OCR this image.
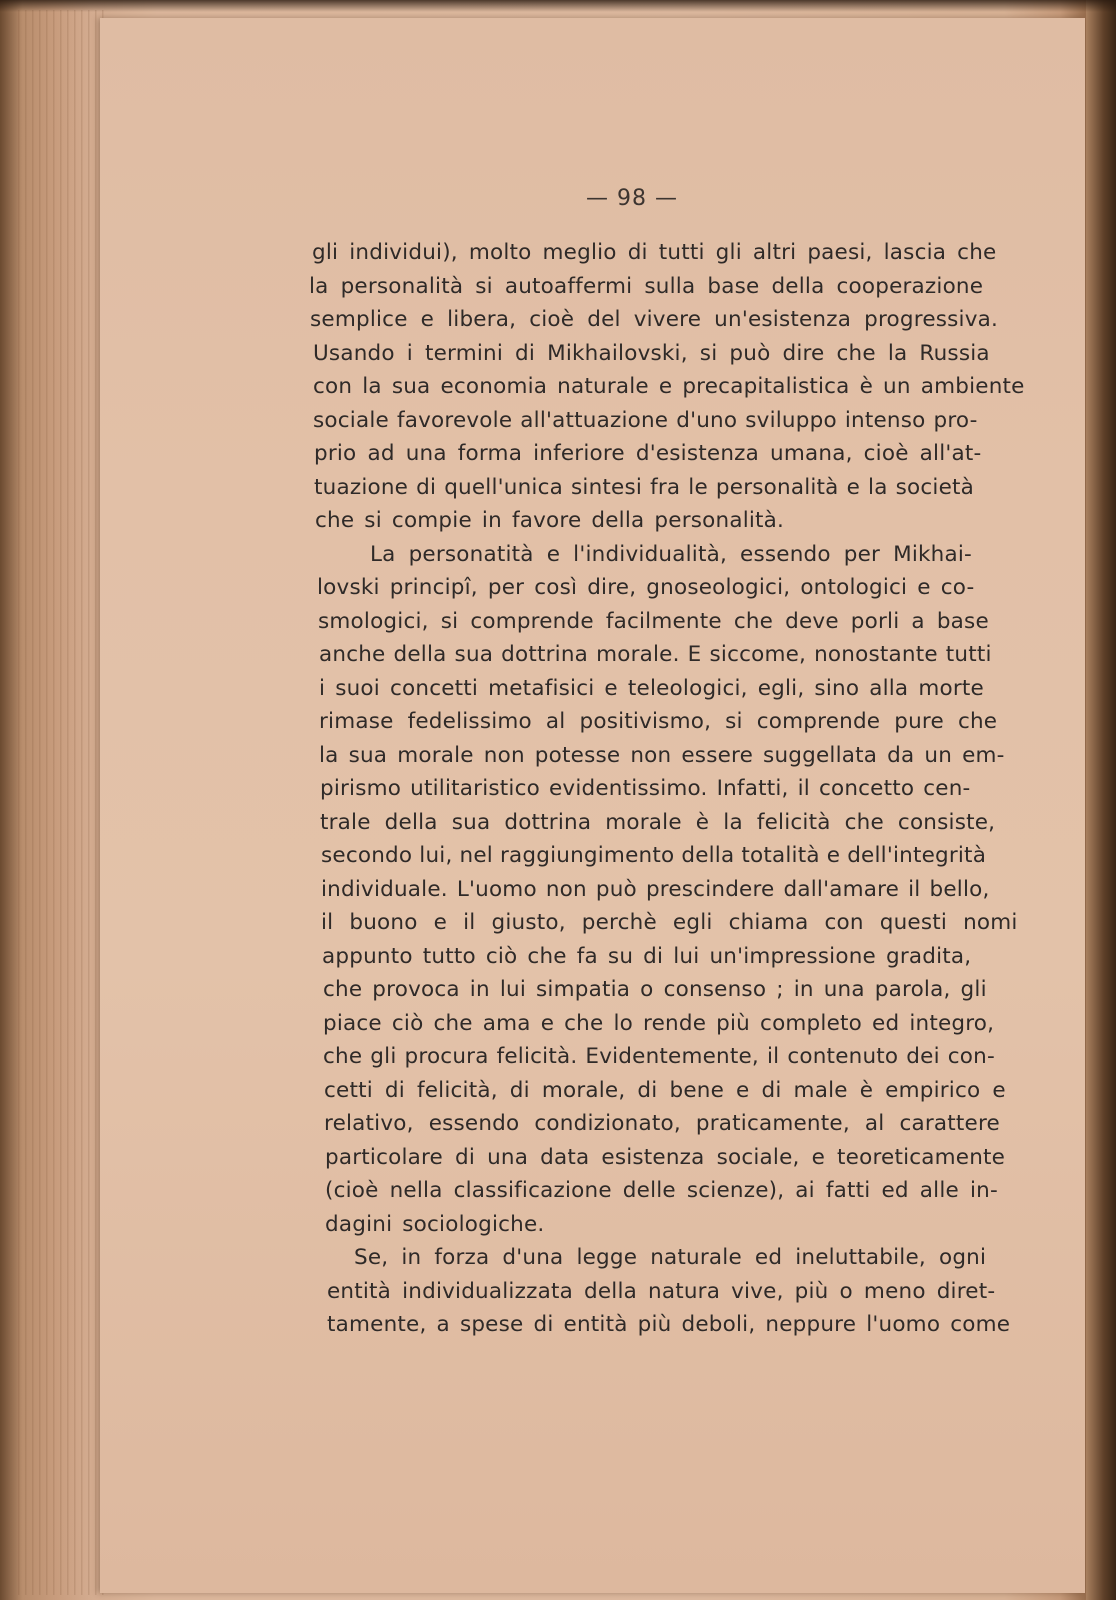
— 98 —
gli individui), molto meglio di tutti gli altri paesi, lascia che
la personalità si autoaffermi sulla base della cooperazione
semplice e libera, cioè del vivere un'esistenza progressiva.
Usando i termini di Mikhailovski, si può dire che la Russia
con la sua economia naturale e precapitalistica è un ambiente
sociale favorevole all'attuazione d'uno sviluppo intenso pro-
prio ad una forma inferiore d'esistenza umana, cioè all'at-
tuazione di quell'unica sintesi fra le personalità e la società
che si compie in favore della personalità.
La personatità e l'individualità, essendo per Mikhai-
lovski principî, per così dire, gnoseologici, ontologici e co-
smologici, si comprende facilmente che deve porli a base
anche della sua dottrina morale. E siccome, nonostante tutti
i suoi concetti metafisici e teleologici, egli, sino alla morte
rimase fedelissimo al positivismo, si comprende pure che
la sua morale non potesse non essere suggellata da un em-
pirismo utilitaristico evidentissimo. Infatti, il concetto cen-
trale della sua dottrina morale è la felicità che consiste,
secondo lui, nel raggiungimento della totalità e dell'integrità
individuale. L'uomo non può prescindere dall'amare il bello,
il buono e il giusto, perchè egli chiama con questi nomi
appunto tutto ciò che fa su di lui un'impressione gradita,
che provoca in lui simpatia o consenso ; in una parola, gli
piace ciò che ama e che lo rende più completo ed integro,
che gli procura felicità. Evidentemente, il contenuto dei con-
cetti di felicità, di morale, di bene e di male è empirico e
relativo, essendo condizionato, praticamente, al carattere
particolare di una data esistenza sociale, e teoreticamente
(cioè nella classificazione delle scienze), ai fatti ed alle in-
dagini sociologiche.
Se, in forza d'una legge naturale ed ineluttabile, ogni
entità individualizzata della natura vive, più o meno diret-
tamente, a spese di entità più deboli, neppure l'uomo come
